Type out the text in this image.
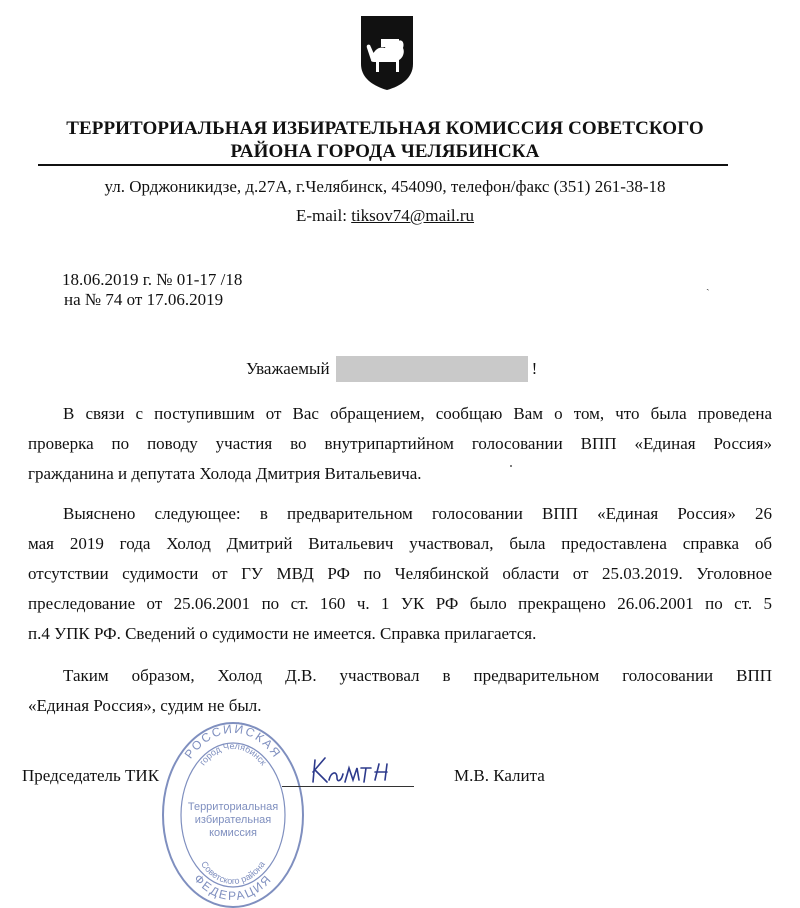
ТЕРРИТОРИАЛЬНАЯ ИЗБИРАТЕЛЬНАЯ КОМИССИЯ СОВЕТСКОГО
РАЙОНА ГОРОДА ЧЕЛЯБИНСКА
ул. Орджоникидзе, д.27А, г.Челябинск, 454090, телефон/факс (351) 261-38-18
E-mail: tiksov74@mail.ru
18.06.2019 г. № 01-17 /18
на № 74 от 17.06.2019
ˏ
Уважаемый	!
В связи с поступившим от Вас обращением, сообщаю Вам о том, что была проведена
проверка по поводу участия во внутрипартийном голосовании ВПП «Единая Россия»
гражданина и депутата Холода Дмитрия Витальевича.
Выяснено следующее: в предварительном голосовании ВПП «Единая Россия» 26
мая 2019 года Холод Дмитрий Витальевич участвовал, была предоставлена справка об
отсутствии судимости от ГУ МВД РФ по Челябинской области от 25.03.2019. Уголовное
преследование от 25.06.2001 по ст. 160 ч. 1 УК РФ было прекращено 26.06.2001 по ст. 5
п.4 УПК РФ. Сведений о судимости не имеется. Справка прилагается.
Таким образом, Холод Д.В. участвовал в предварительном голосовании ВПП
«Единая Россия», судим не был.
РОССИЙСКАЯ
город Челябинск
Территориальная
избирательная
комиссия
Советского района
ФЕДЕРАЦИЯ
Председатель ТИК	М.В. Калита
